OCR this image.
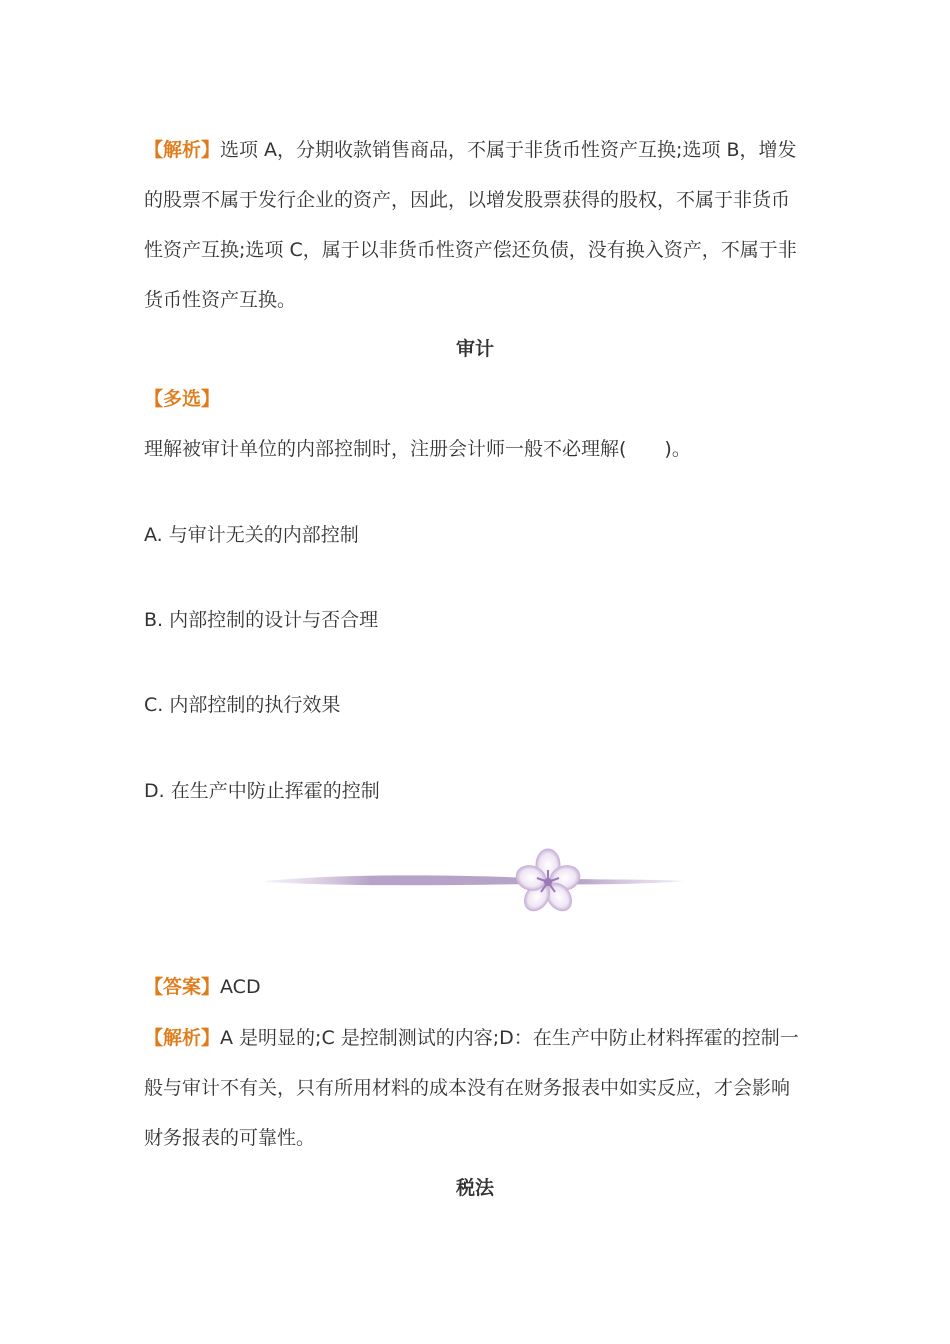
【解析】选项 A，分期收款销售商品，不属于非货币性资产互换;选项 B，增发的股票不属于发行企业的资产，因此，以增发股票获得的股权，不属于非货币性资产互换;选项 C，属于以非货币性资产偿还负债，没有换入资产，不属于非货币性资产互换。

审计

【多选】

理解被审计单位的内部控制时，注册会计师一般不必理解(　　)。

A. 与审计无关的内部控制

B. 内部控制的设计与否合理

C. 内部控制的执行效果

D. 在生产中防止挥霍的控制

【答案】ACD

【解析】A 是明显的;C 是控制测试的内容;D：在生产中防止材料挥霍的控制一般与审计不有关，只有所用材料的成本没有在财务报表中如实反应，才会影响财务报表的可靠性。

税法
